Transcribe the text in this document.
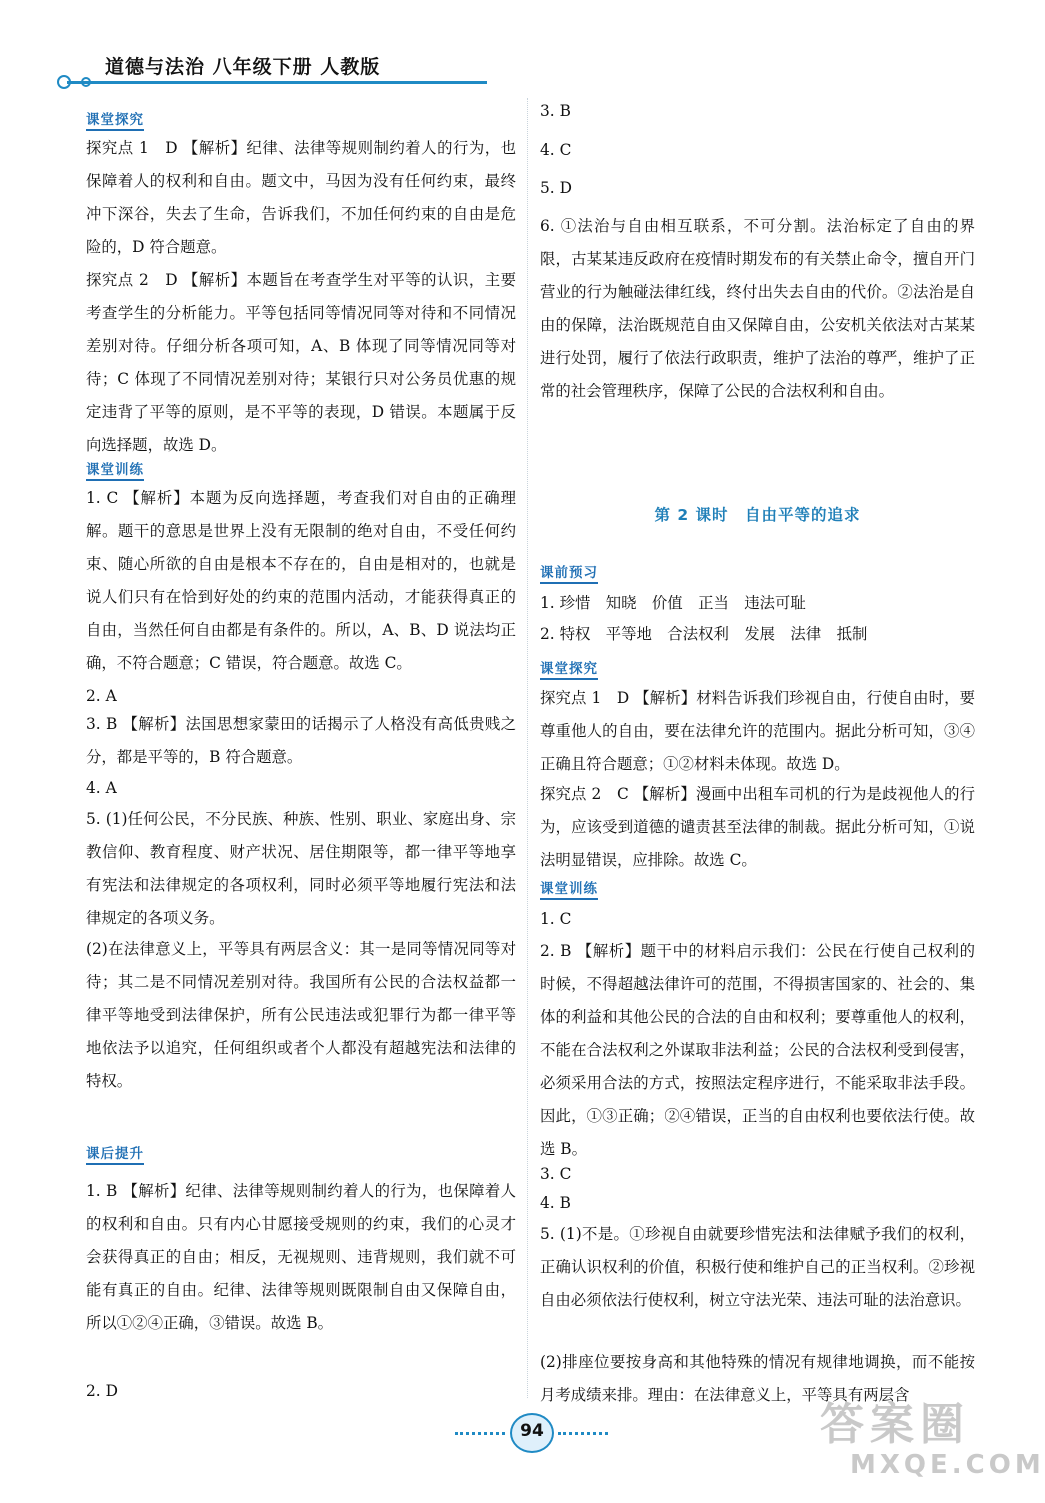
道德与法治 八年级下册 人教版
课堂探究
探究点 1　D 【解析】纪律、法律等规则制约着人的行为，也保障着人的权利和自由。题文中，马因为没有任何约束，最终冲下深谷，失去了生命，告诉我们，不加任何约束的自由是危险的，D 符合题意。
探究点 2　D 【解析】本题旨在考查学生对平等的认识，主要考查学生的分析能力。平等包括同等情况同等对待和不同情况差别对待。仔细分析各项可知，A、B 体现了同等情况同等对待；C 体现了不同情况差别对待；某银行只对公务员优惠的规定违背了平等的原则，是不平等的表现，D 错误。本题属于反向选择题，故选 D。
课堂训练
1. C 【解析】本题为反向选择题，考查我们对自由的正确理解。题干的意思是世界上没有无限制的绝对自由，不受任何约束、随心所欲的自由是根本不存在的，自由是相对的，也就是说人们只有在恰到好处的约束的范围内活动，才能获得真正的自由，当然任何自由都是有条件的。所以，A、B、D 说法均正确，不符合题意；C 错误，符合题意。故选 C。
2. A
3. B 【解析】法国思想家蒙田的话揭示了人格没有高低贵贱之分，都是平等的，B 符合题意。
4. A
5. (1)任何公民，不分民族、种族、性别、职业、家庭出身、宗教信仰、教育程度、财产状况、居住期限等，都一律平等地享有宪法和法律规定的各项权利，同时必须平等地履行宪法和法律规定的各项义务。
(2)在法律意义上，平等具有两层含义：其一是同等情况同等对待；其二是不同情况差别对待。我国所有公民的合法权益都一律平等地受到法律保护，所有公民违法或犯罪行为都一律平等地依法予以追究，任何组织或者个人都没有超越宪法和法律的特权。
课后提升
1. B 【解析】纪律、法律等规则制约着人的行为，也保障着人的权利和自由。只有内心甘愿接受规则的约束，我们的心灵才会获得真正的自由；相反，无视规则、违背规则，我们就不可能有真正的自由。纪律、法律等规则既限制自由又保障自由，所以①②④正确，③错误。故选 B。
2. D
3. B
4. C
5. D
6. ①法治与自由相互联系，不可分割。法治标定了自由的界限，古某某违反政府在疫情时期发布的有关禁止命令，擅自开门营业的行为触碰法律红线，终付出失去自由的代价。②法治是自由的保障，法治既规范自由又保障自由，公安机关依法对古某某进行处罚，履行了依法行政职责，维护了法治的尊严，维护了正常的社会管理秩序，保障了公民的合法权利和自由。
第 2 课时　自由平等的追求
课前预习
1. 珍惜　知晓　价值　正当　违法可耻
2. 特权　平等地　合法权利　发展　法律　抵制
课堂探究
探究点 1　D 【解析】材料告诉我们珍视自由，行使自由时，要尊重他人的自由，要在法律允许的范围内。据此分析可知，③④正确且符合题意；①②材料未体现。故选 D。
探究点 2　C 【解析】漫画中出租车司机的行为是歧视他人的行为，应该受到道德的谴责甚至法律的制裁。据此分析可知，①说法明显错误，应排除。故选 C。
课堂训练
1. C
2. B 【解析】题干中的材料启示我们：公民在行使自己权利的时候，不得超越法律许可的范围，不得损害国家的、社会的、集体的利益和其他公民的合法的自由和权利；要尊重他人的权利，不能在合法权利之外谋取非法利益；公民的合法权利受到侵害，必须采用合法的方式，按照法定程序进行，不能采取非法手段。因此，①③正确；②④错误，正当的自由权利也要依法行使。故选 B。
3. C
4. B
5. (1)不是。①珍视自由就要珍惜宪法和法律赋予我们的权利，正确认识权利的价值，积极行使和维护自己的正当权利。②珍视自由必须依法行使权利，树立守法光荣、违法可耻的法治意识。
(2)排座位要按身高和其他特殊的情况有规律地调换，而不能按月考成绩来排。理由：在法律意义上，平等具有两层含
94	答案圈
MXQE.COM
